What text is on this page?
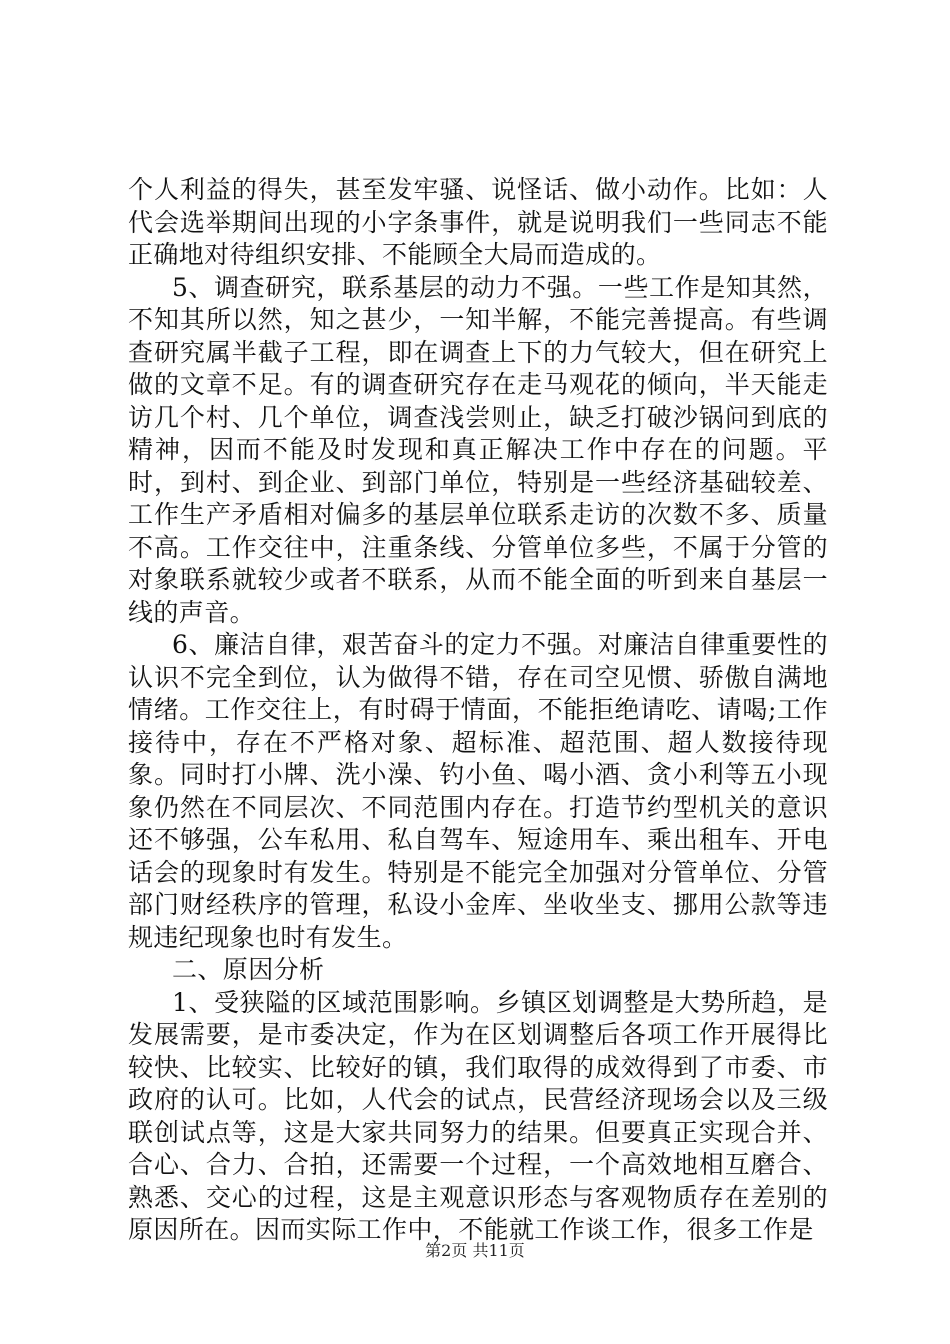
个人利益的得失，甚至发牢骚、说怪话、做小动作。比如：人代会选举期间出现的小字条事件，就是说明我们一些同志不能正确地对待组织安排、不能顾全大局而造成的。

5、调查研究，联系基层的动力不强。一些工作是知其然，不知其所以然，知之甚少，一知半解，不能完善提高。有些调查研究属半截子工程，即在调查上下的力气较大，但在研究上做的文章不足。有的调查研究存在走马观花的倾向，半天能走访几个村、几个单位，调查浅尝则止，缺乏打破沙锅问到底的精神，因而不能及时发现和真正解决工作中存在的问题。平时，到村、到企业、到部门单位，特别是一些经济基础较差、工作生产矛盾相对偏多的基层单位联系走访的次数不多、质量不高。工作交往中，注重条线、分管单位多些，不属于分管的对象联系就较少或者不联系，从而不能全面的听到来自基层一线的声音。

6、廉洁自律，艰苦奋斗的定力不强。对廉洁自律重要性的认识不完全到位，认为做得不错，存在司空见惯、骄傲自满地情绪。工作交往上，有时碍于情面，不能拒绝请吃、请喝;工作接待中，存在不严格对象、超标准、超范围、超人数接待现象。同时打小牌、洗小澡、钓小鱼、喝小酒、贪小利等五小现象仍然在不同层次、不同范围内存在。打造节约型机关的意识还不够强，公车私用、私自驾车、短途用车、乘出租车、开电话会的现象时有发生。特别是不能完全加强对分管单位、分管部门财经秩序的管理，私设小金库、坐收坐支、挪用公款等违规违纪现象也时有发生。

二、原因分析

1、受狭隘的区域范围影响。乡镇区划调整是大势所趋，是发展需要，是市委决定，作为在区划调整后各项工作开展得比较快、比较实、比较好的镇，我们取得的成效得到了市委、市政府的认可。比如，人代会的试点，民营经济现场会以及三级联创试点等，这是大家共同努力的结果。但要真正实现合并、合心、合力、合拍，还需要一个过程，一个高效地相互磨合、熟悉、交心的过程，这是主观意识形态与客观物质存在差别的原因所在。因而实际工作中，不能就工作谈工作，很多工作是

第2页 共11页
